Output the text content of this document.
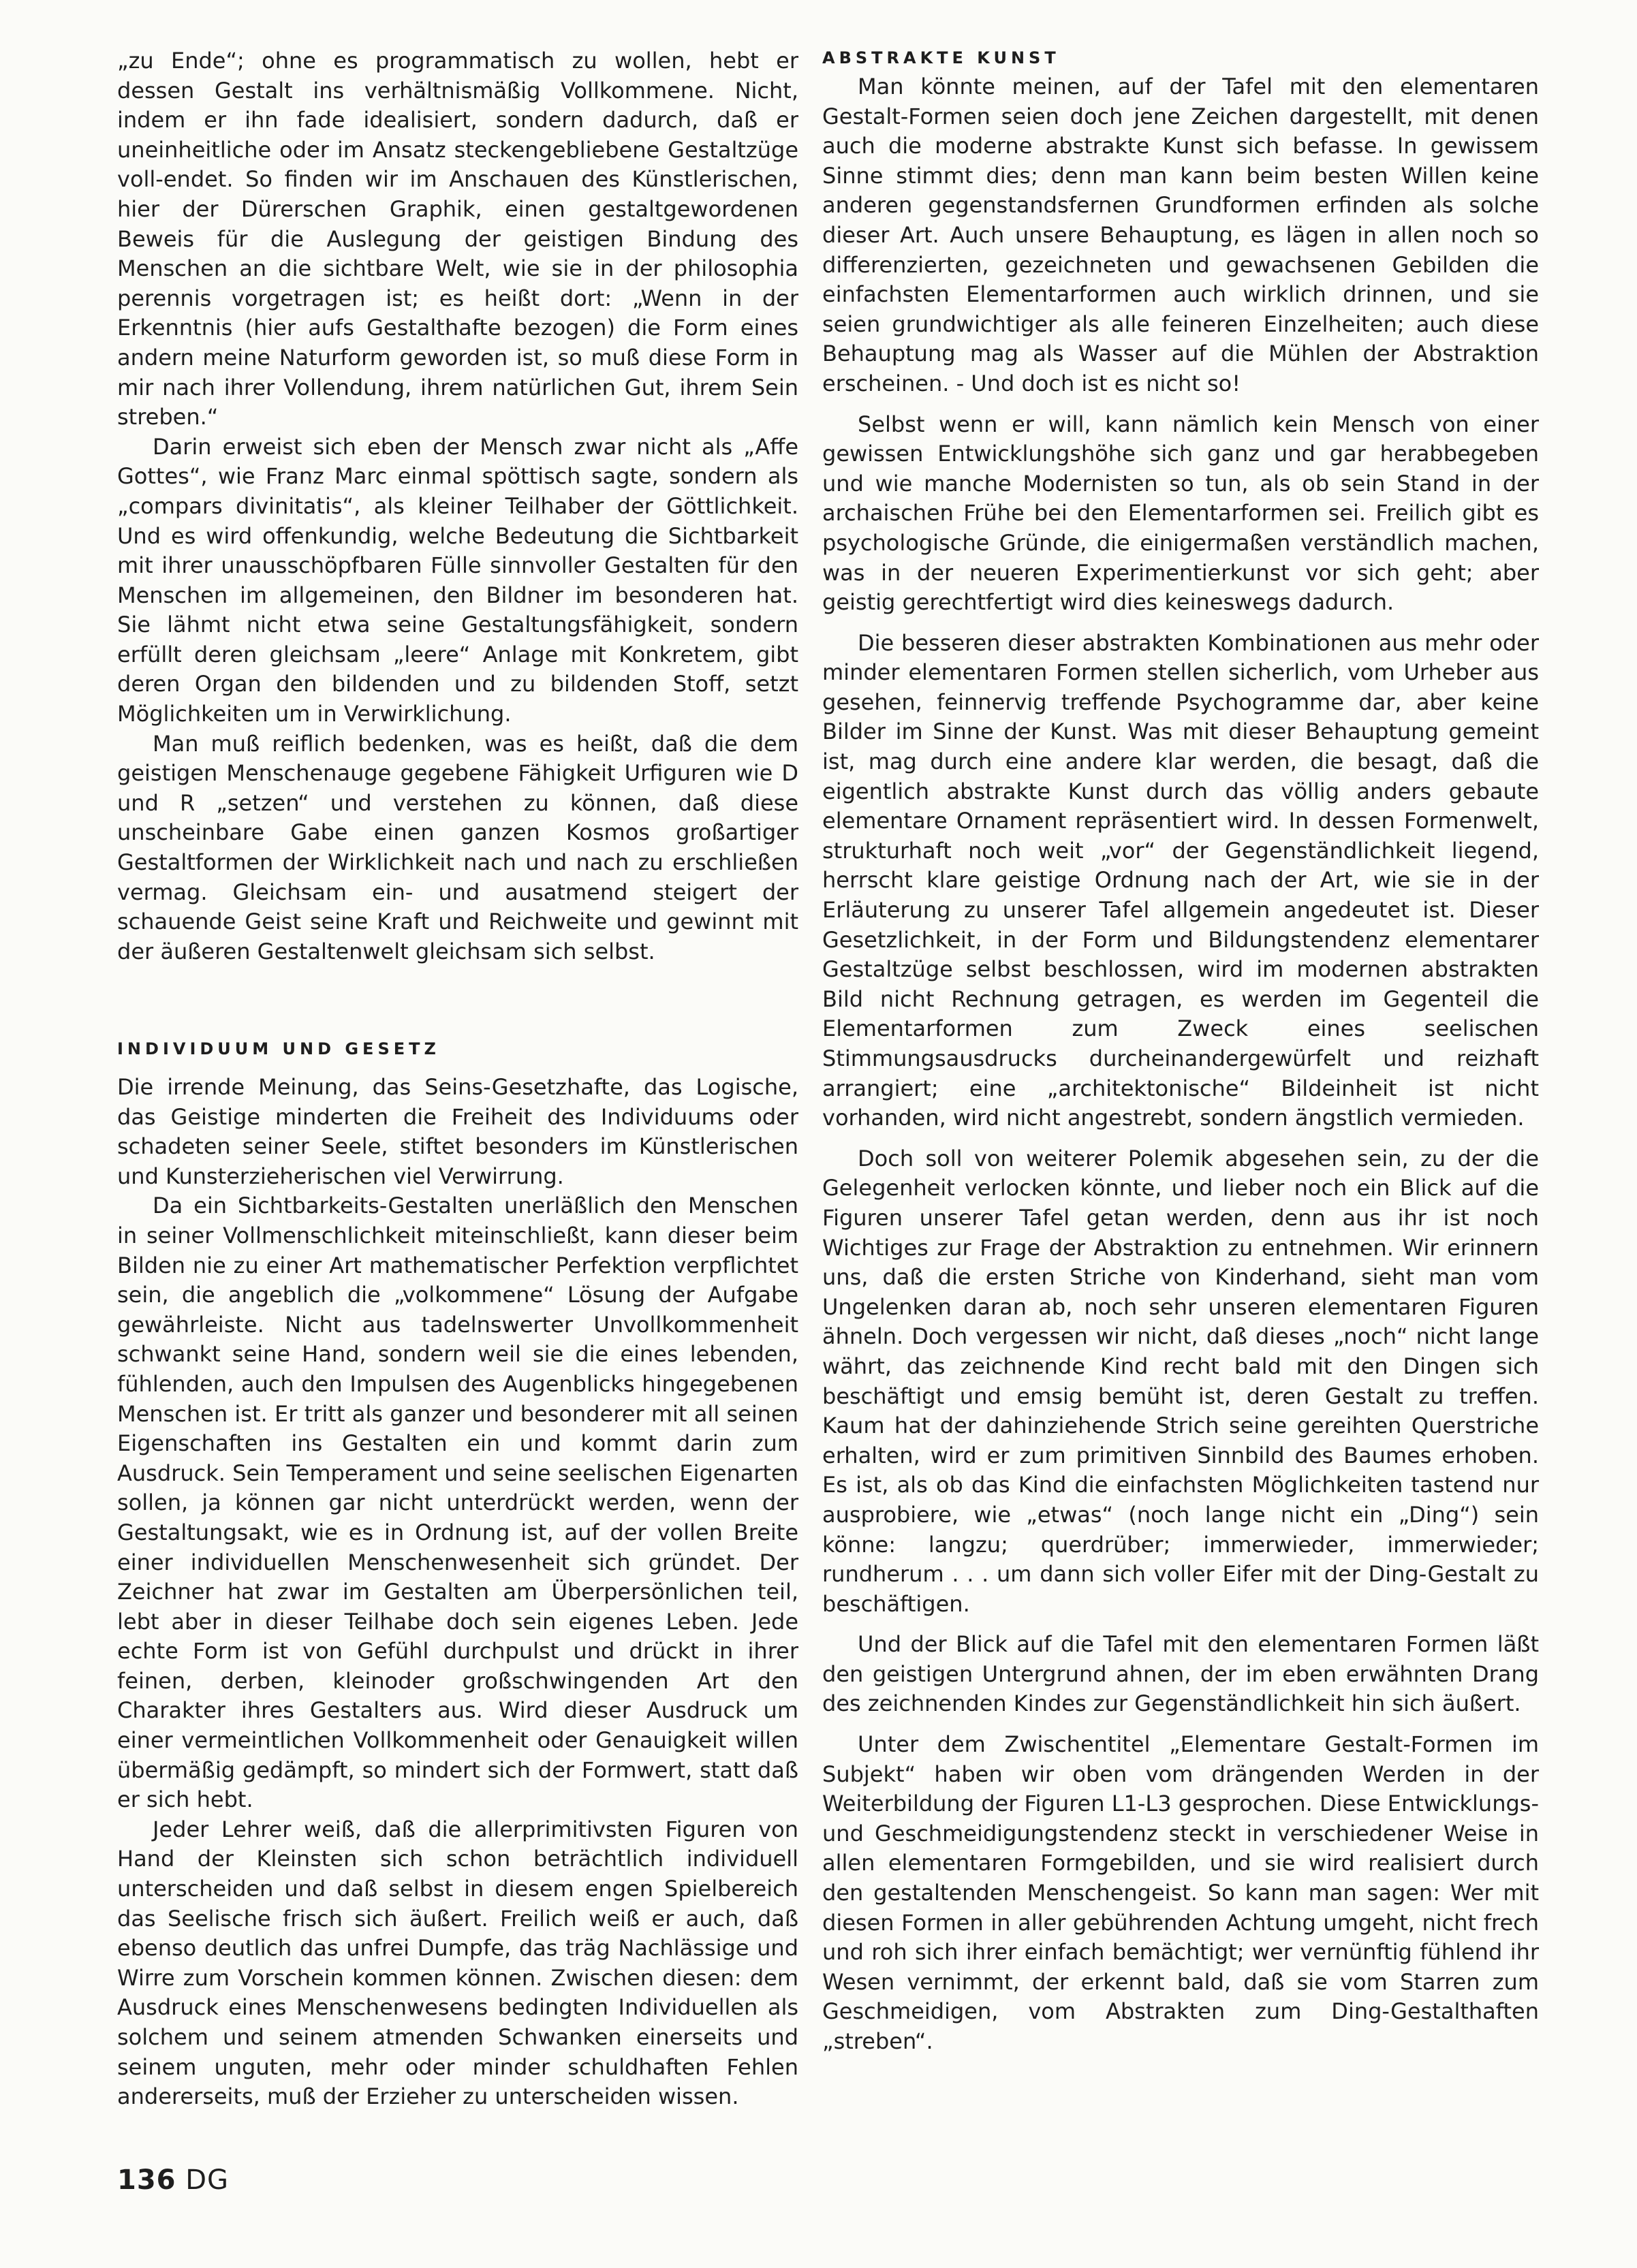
„zu Ende“; ohne es programmatisch zu wollen, hebt er dessen Gestalt ins verhältnismäßig Vollkommene. Nicht, indem er ihn fade idealisiert, sondern dadurch, daß er uneinheitliche oder im Ansatz steckengebliebene Gestaltzüge voll-endet. So finden wir im Anschauen des Künstlerischen, hier der Dürerschen Graphik, einen gestaltgewordenen Beweis für die Auslegung der geistigen Bindung des Menschen an die sichtbare Welt, wie sie in der philosophia perennis vorgetragen ist; es heißt dort: „Wenn in der Erkenntnis (hier aufs Gestalthafte bezogen) die Form eines andern meine Naturform geworden ist, so muß diese Form in mir nach ihrer Vollendung, ihrem natürlichen Gut, ihrem Sein streben.“

Darin erweist sich eben der Mensch zwar nicht als „Affe Gottes“, wie Franz Marc einmal spöttisch sagte, sondern als „compars divinitatis“, als kleiner Teilhaber der Göttlichkeit. Und es wird offenkundig, welche Bedeutung die Sichtbarkeit mit ihrer unausschöpfbaren Fülle sinnvoller Gestalten für den Menschen im allgemeinen, den Bildner im besonderen hat. Sie lähmt nicht etwa seine Gestaltungsfähigkeit, sondern erfüllt deren gleichsam „leere“ Anlage mit Konkretem, gibt deren Organ den bildenden und zu bildenden Stoff, setzt Möglichkeiten um in Verwirklichung.

Man muß reiflich bedenken, was es heißt, daß die dem geistigen Menschenauge gegebene Fähigkeit Urfiguren wie D und R „setzen“ und verstehen zu können, daß diese unscheinbare Gabe einen ganzen Kosmos großartiger Gestaltformen der Wirklichkeit nach und nach zu erschließen vermag. Gleichsam ein- und ausatmend steigert der schauende Geist seine Kraft und Reichweite und gewinnt mit der äußeren Gestaltenwelt gleichsam sich selbst.

INDIVIDUUM UND GESETZ

Die irrende Meinung, das Seins-Gesetzhafte, das Logische, das Geistige minderten die Freiheit des Individuums oder schadeten seiner Seele, stiftet besonders im Künstlerischen und Kunsterzieherischen viel Verwirrung.

Da ein Sichtbarkeits-Gestalten unerläßlich den Menschen in seiner Vollmenschlichkeit miteinschließt, kann dieser beim Bilden nie zu einer Art mathematischer Perfektion verpflichtet sein, die angeblich die „volkommene“ Lösung der Aufgabe gewährleiste. Nicht aus tadelnswerter Unvollkommenheit schwankt seine Hand, sondern weil sie die eines lebenden, fühlenden, auch den Impulsen des Augenblicks hingegebenen Menschen ist. Er tritt als ganzer und besonderer mit all seinen Eigenschaften ins Gestalten ein und kommt darin zum Ausdruck. Sein Temperament und seine seelischen Eigenarten sollen, ja können gar nicht unterdrückt werden, wenn der Gestaltungsakt, wie es in Ordnung ist, auf der vollen Breite einer individuellen Menschenwesenheit sich gründet. Der Zeichner hat zwar im Gestalten am Überpersönlichen teil, lebt aber in dieser Teilhabe doch sein eigenes Leben. Jede echte Form ist von Gefühl durchpulst und drückt in ihrer feinen, derben, kleinoder großschwingenden Art den Charakter ihres Gestalters aus. Wird dieser Ausdruck um einer vermeintlichen Vollkommenheit oder Genauigkeit willen übermäßig gedämpft, so mindert sich der Formwert, statt daß er sich hebt.

Jeder Lehrer weiß, daß die allerprimitivsten Figuren von Hand der Kleinsten sich schon beträchtlich individuell unterscheiden und daß selbst in diesem engen Spielbereich das Seelische frisch sich äußert. Freilich weiß er auch, daß ebenso deutlich das unfrei Dumpfe, das träg Nachlässige und Wirre zum Vorschein kommen können. Zwischen diesen: dem Ausdruck eines Menschenwesens bedingten Individuellen als solchem und seinem atmenden Schwanken einerseits und seinem unguten, mehr oder minder schuldhaften Fehlen andererseits, muß der Erzieher zu unterscheiden wissen.

ABSTRAKTE KUNST

Man könnte meinen, auf der Tafel mit den elementaren Gestalt-Formen seien doch jene Zeichen dargestellt, mit denen auch die moderne abstrakte Kunst sich befasse. In gewissem Sinne stimmt dies; denn man kann beim besten Willen keine anderen gegenstandsfernen Grundformen erfinden als solche dieser Art. Auch unsere Behauptung, es lägen in allen noch so differenzierten, gezeichneten und gewachsenen Gebilden die einfachsten Elementarformen auch wirklich drinnen, und sie seien grundwichtiger als alle feineren Einzelheiten; auch diese Behauptung mag als Wasser auf die Mühlen der Abstraktion erscheinen. - Und doch ist es nicht so!

Selbst wenn er will, kann nämlich kein Mensch von einer gewissen Entwicklungshöhe sich ganz und gar herabbegeben und wie manche Modernisten so tun, als ob sein Stand in der archaischen Frühe bei den Elementarformen sei. Freilich gibt es psychologische Gründe, die einigermaßen verständlich machen, was in der neueren Experimentierkunst vor sich geht; aber geistig gerechtfertigt wird dies keineswegs dadurch.

Die besseren dieser abstrakten Kombinationen aus mehr oder minder elementaren Formen stellen sicherlich, vom Urheber aus gesehen, feinnervig treffende Psychogramme dar, aber keine Bilder im Sinne der Kunst. Was mit dieser Behauptung gemeint ist, mag durch eine andere klar werden, die besagt, daß die eigentlich abstrakte Kunst durch das völlig anders gebaute elementare Ornament repräsentiert wird. In dessen Formenwelt, strukturhaft noch weit „vor“ der Gegenständlichkeit liegend, herrscht klare geistige Ordnung nach der Art, wie sie in der Erläuterung zu unserer Tafel allgemein angedeutet ist. Dieser Gesetzlichkeit, in der Form und Bildungstendenz elementarer Gestaltzüge selbst beschlossen, wird im modernen abstrakten Bild nicht Rechnung getragen, es werden im Gegenteil die Elementarformen zum Zweck eines seelischen Stimmungsausdrucks durcheinandergewürfelt und reizhaft arrangiert; eine „architektonische“ Bildeinheit ist nicht vorhanden, wird nicht angestrebt, sondern ängstlich vermieden.

Doch soll von weiterer Polemik abgesehen sein, zu der die Gelegenheit verlocken könnte, und lieber noch ein Blick auf die Figuren unserer Tafel getan werden, denn aus ihr ist noch Wichtiges zur Frage der Abstraktion zu entnehmen. Wir erinnern uns, daß die ersten Striche von Kinderhand, sieht man vom Ungelenken daran ab, noch sehr unseren elementaren Figuren ähneln. Doch vergessen wir nicht, daß dieses „noch“ nicht lange währt, das zeichnende Kind recht bald mit den Dingen sich beschäftigt und emsig bemüht ist, deren Gestalt zu treffen. Kaum hat der dahinziehende Strich seine gereihten Querstriche erhalten, wird er zum primitiven Sinnbild des Baumes erhoben. Es ist, als ob das Kind die einfachsten Möglichkeiten tastend nur ausprobiere, wie „etwas“ (noch lange nicht ein „Ding“) sein könne: langzu; querdrüber; immerwieder, immerwieder; rundherum . . . um dann sich voller Eifer mit der Ding-Gestalt zu beschäftigen.

Und der Blick auf die Tafel mit den elementaren Formen läßt den geistigen Untergrund ahnen, der im eben erwähnten Drang des zeichnenden Kindes zur Gegenständlichkeit hin sich äußert.

Unter dem Zwischentitel „Elementare Gestalt-Formen im Subjekt“ haben wir oben vom drängenden Werden in der Weiterbildung der Figuren L1-L3 gesprochen. Diese Entwicklungs- und Geschmeidigungstendenz steckt in verschiedener Weise in allen elementaren Formgebilden, und sie wird realisiert durch den gestaltenden Menschengeist. So kann man sagen: Wer mit diesen Formen in aller gebührenden Achtung umgeht, nicht frech und roh sich ihrer einfach bemächtigt; wer vernünftig fühlend ihr Wesen vernimmt, der erkennt bald, daß sie vom Starren zum Geschmeidigen, vom Abstrakten zum Ding-Gestalthaften „streben“.

136 DG
